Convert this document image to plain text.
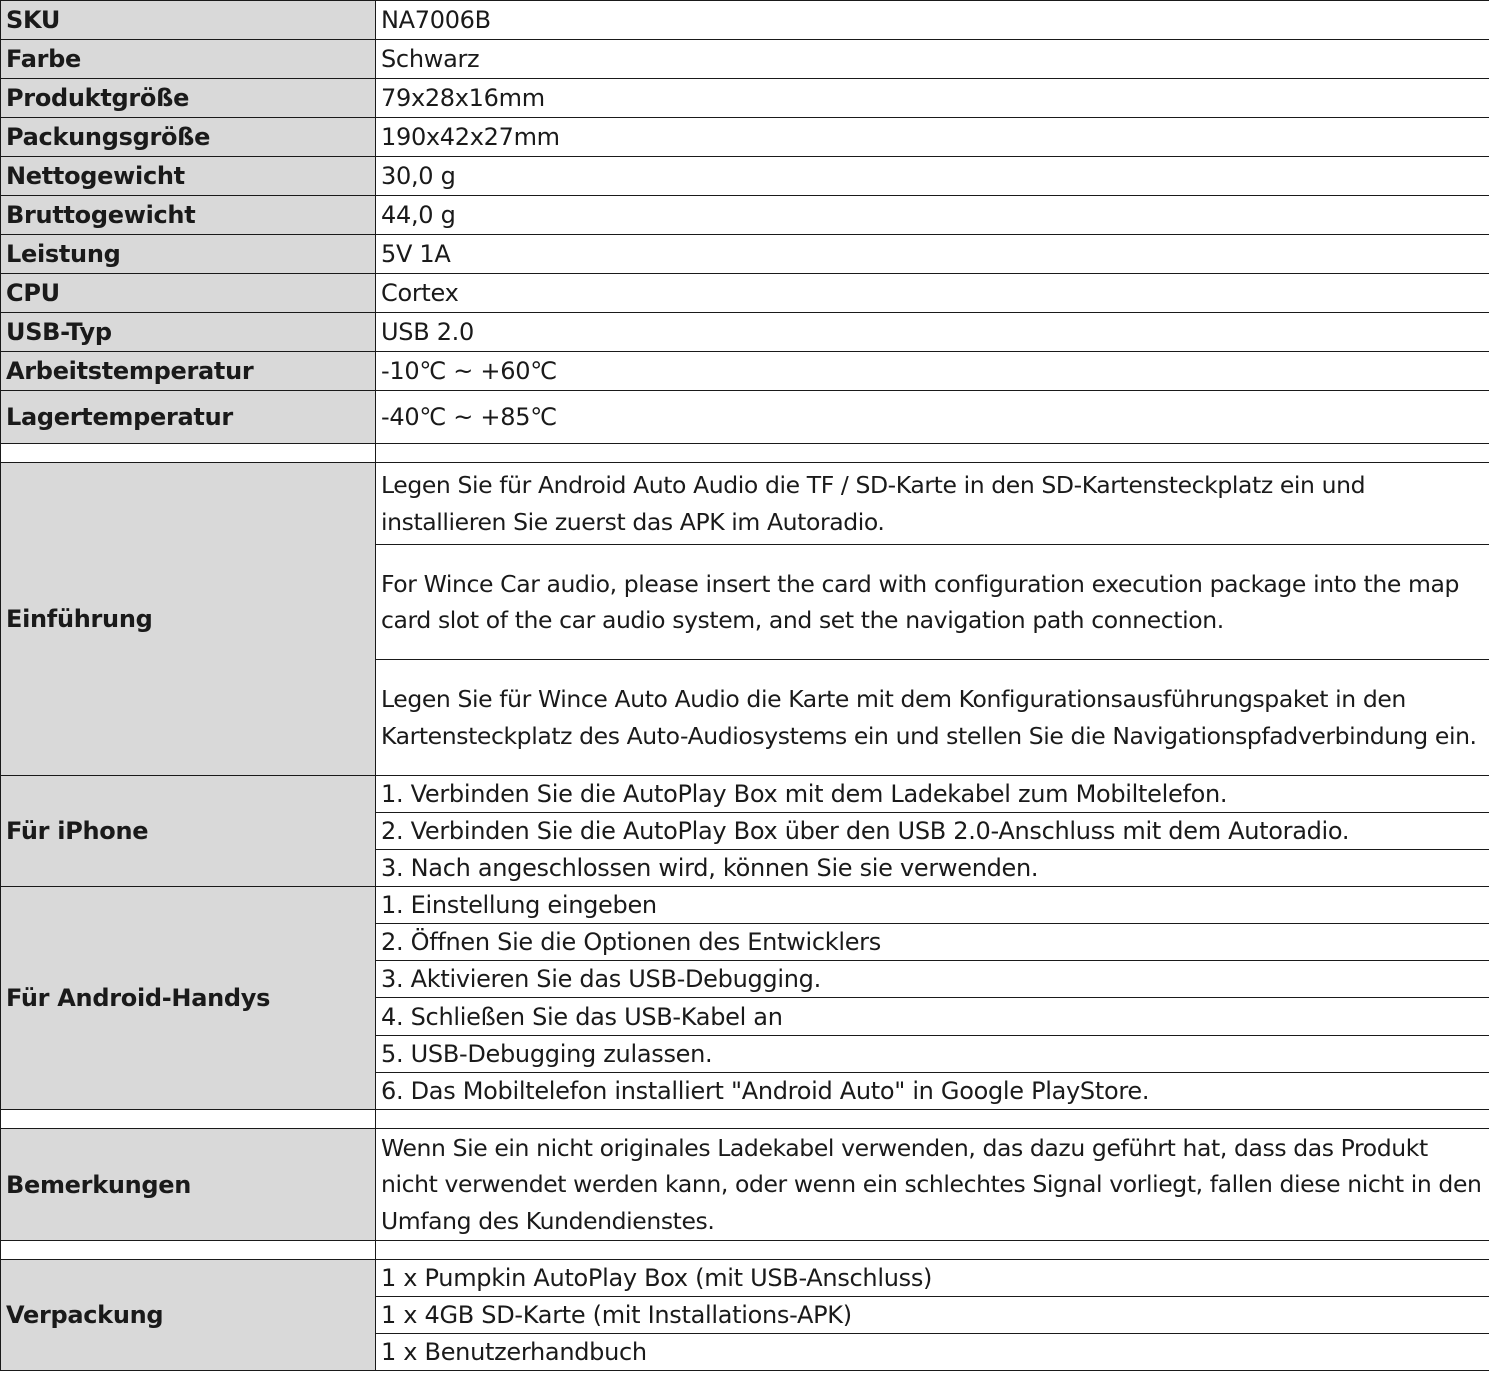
SKU	NA7006B
Farbe	Schwarz
Produktgröße	79x28x16mm
Packungsgröße	190x42x27mm
Nettogewicht	30,0 g
Bruttogewicht	44,0 g
Leistung	5V 1A
CPU	Cortex
USB-Typ	USB 2.0
Arbeitstemperatur	-10℃ ~ +60℃
Lagertemperatur	-40℃ ~ +85℃

Einführung	Legen Sie für Android Auto Audio die TF / SD-Karte in den SD-Kartensteckplatz ein und installieren Sie zuerst das APK im Autoradio.
	For Wince Car audio, please insert the card with configuration execution package into the map card slot of the car audio system, and set the navigation path connection.
	Legen Sie für Wince Auto Audio die Karte mit dem Konfigurationsausführungspaket in den Kartensteckplatz des Auto-Audiosystems ein und stellen Sie die Navigationspfadverbindung ein.
Für iPhone	1. Verbinden Sie die AutoPlay Box mit dem Ladekabel zum Mobiltelefon.
	2. Verbinden Sie die AutoPlay Box über den USB 2.0-Anschluss mit dem Autoradio.
	3. Nach angeschlossen wird, können Sie sie verwenden.
Für Android-Handys	1. Einstellung eingeben
	2. Öffnen Sie die Optionen des Entwicklers
	3. Aktivieren Sie das USB-Debugging.
	4. Schließen Sie das USB-Kabel an
	5. USB-Debugging zulassen.
	6. Das Mobiltelefon installiert "Android Auto" in Google PlayStore.

Bemerkungen	Wenn Sie ein nicht originales Ladekabel verwenden, das dazu geführt hat, dass das Produkt nicht verwendet werden kann, oder wenn ein schlechtes Signal vorliegt, fallen diese nicht in den Umfang des Kundendienstes.

Verpackung	1 x Pumpkin AutoPlay Box (mit USB-Anschluss)
	1 x 4GB SD-Karte (mit Installations-APK)
	1 x Benutzerhandbuch
